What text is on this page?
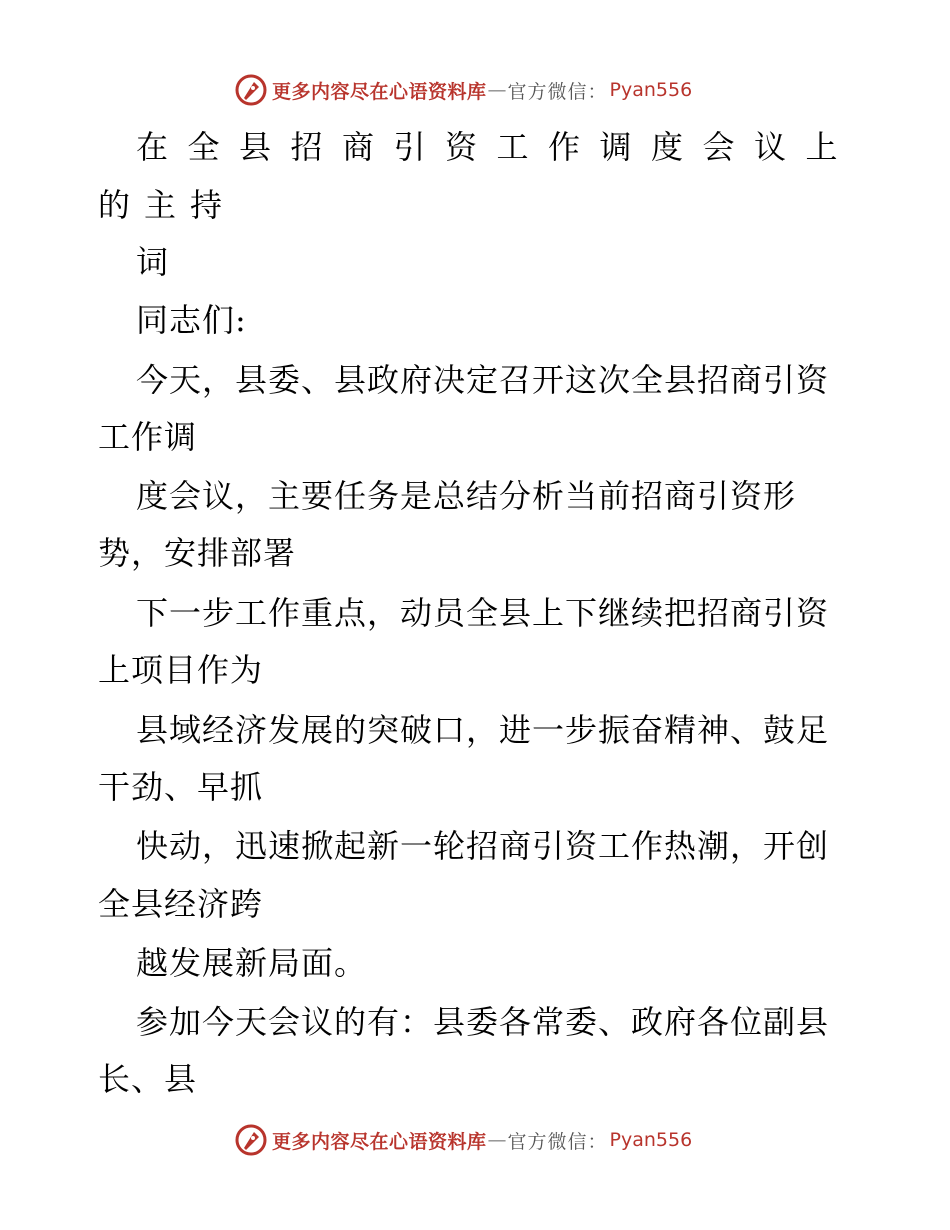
更多内容尽在心语资料库 — 官方微信： Pyan556
在全县招商引资工作调度会议上
的主持
词
同志们:
今天，县委、县政府决定召开这次全县招商引资
工作调
度会议，主要任务是总结分析当前招商引资形
势，安排部署
下一步工作重点，动员全县上下继续把招商引资
上项目作为
县域经济发展的突破口，进一步振奋精神、鼓足
干劲、早抓
快动，迅速掀起新一轮招商引资工作热潮，开创
全县经济跨
越发展新局面。
参加今天会议的有：县委各常委、政府各位副县
长、县
更多内容尽在心语资料库 — 官方微信： Pyan556
